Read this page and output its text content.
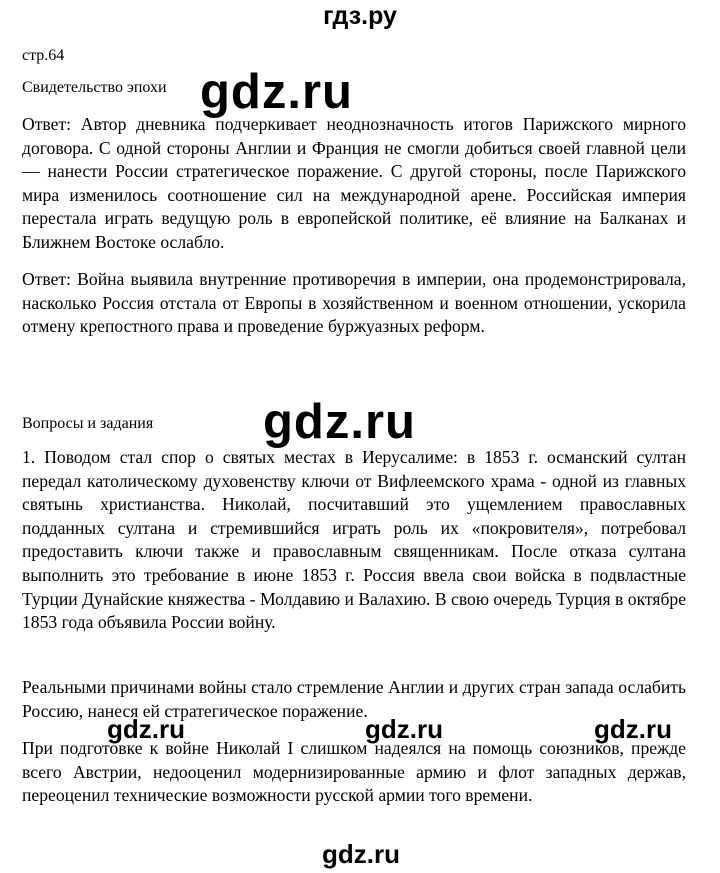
гдз.ру
стр.64
Свидетельство эпохи

Ответ: Автор дневника подчеркивает неоднозначность итогов Парижского мирного договора. С одной стороны Англии и Франция не смогли добиться своей главной цели — нанести России стратегическое поражение. С другой стороны, после Парижского мира изменилось соотношение сил на международной арене. Российская империя перестала играть ведущую роль в европейской политике, её влияние на Балканах и Ближнем Востоке ослабло.

Ответ: Война выявила внутренние противоречия в империи, она продемонстрировала, насколько Россия отстала от Европы в хозяйственном и военном отношении, ускорила отмену крепостного права и проведение буржуазных реформ.

Вопросы и задания

1. Поводом стал спор о святых местах в Иерусалиме: в 1853 г. османский султан передал католическому духовенству ключи от Вифлеемского храма - одной из главных святынь христианства. Николай, посчитавший это ущемлением православных подданных султана и стремившийся играть роль их «покровителя», потребовал предоставить ключи также и православным священникам. После отказа султана выполнить это требование в июне 1853 г. Россия ввела свои войска в подвластные Турции Дунайские княжества - Молдавию и Валахию. В свою очередь Турция в октябре 1853 года объявила России войну.

Реальными причинами войны стало стремление Англии и других стран запада ослабить Россию, нанеся ей стратегическое поражение.

При подготовке к войне Николай I слишком надеялся на помощь союзников, прежде всего Австрии, недооценил модернизированные армию и флот западных держав, переоценил технические возможности русской армии того времени.

gdz.ru
gdz.ru
gdz.ru	gdz.ru	gdz.ru
gdz.ru
